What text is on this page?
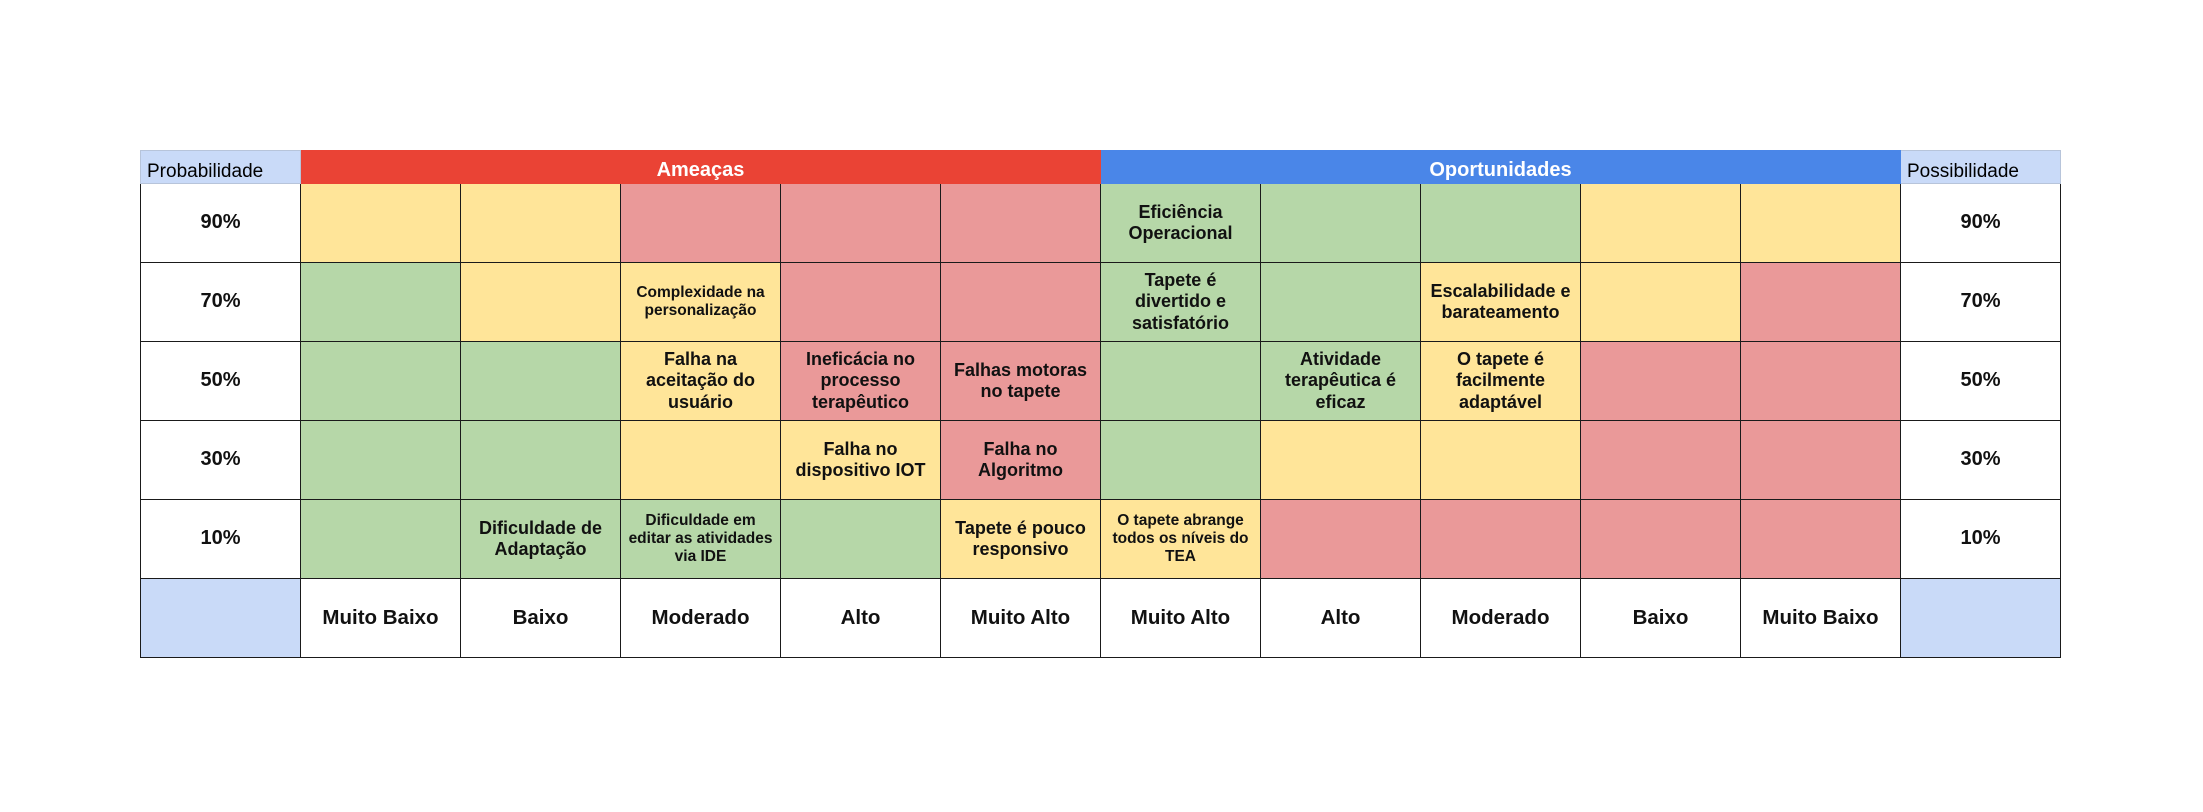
Probabilidade	Ameaças					Oportunidades					Possibilidade
90%						Eficiência Operacional					90%
70%			Complexidade na personalização			Tapete é divertido e satisfatório		Escalabilidade e barateamento			70%
50%			Falha na aceitação do usuário	Ineficácia no processo terapêutico	Falhas motoras no tapete		Atividade terapêutica é eficaz	O tapete é facilmente adaptável			50%
30%				Falha no dispositivo IOT	Falha no Algoritmo						30%
10%		Dificuldade de Adaptação	Dificuldade em editar as atividades via IDE		Tapete é pouco responsivo	O tapete abrange todos os níveis do TEA					10%
	Muito Baixo	Baixo	Moderado	Alto	Muito Alto	Muito Alto	Alto	Moderado	Baixo	Muito Baixo	
